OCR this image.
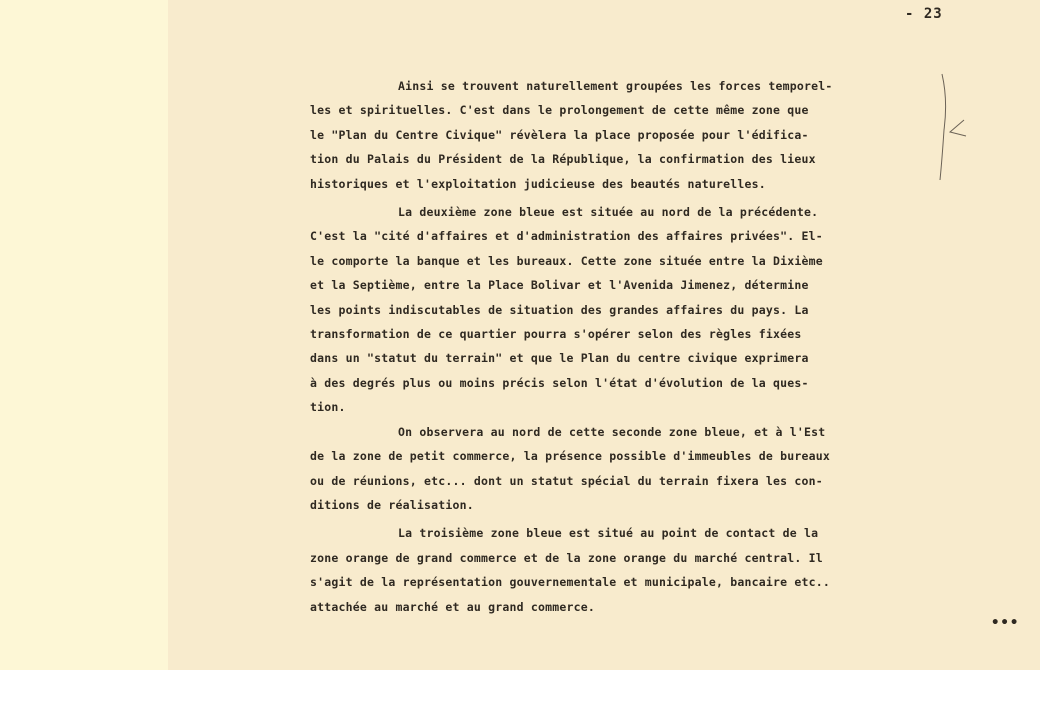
- 23
Ainsi se trouvent naturellement groupées les forces temporel-
les et spirituelles. C'est dans le prolongement de cette même zone que
le "Plan du Centre Civique" révèlera la place proposée pour l'édifica-
tion du Palais du Président de la République, la confirmation des lieux
historiques et l'exploitation judicieuse des beautés naturelles.
La deuxième zone bleue est située au nord de la précédente.
C'est la "cité d'affaires et d'administration des affaires privées". El-
le comporte la banque et les bureaux. Cette zone située entre la Dixième
et la Septième, entre la Place Bolivar et l'Avenida Jimenez, détermine
les points indiscutables de situation des grandes affaires du pays. La
transformation de ce quartier pourra s'opérer selon des règles fixées
dans un "statut du terrain" et que le Plan du centre civique exprimera
à des degrés plus ou moins précis selon l'état d'évolution de la ques-
tion.
On observera au nord de cette seconde zone bleue, et à l'Est
de la zone de petit commerce, la présence possible d'immeubles de bureaux
ou de réunions, etc... dont un statut spécial du terrain fixera les con-
ditions de réalisation.
La troisième zone bleue est situé au point de contact de la
zone orange de grand commerce et de la zone orange du marché central. Il
s'agit de la représentation gouvernementale et municipale, bancaire etc..
attachée au marché et au grand commerce.
•••
